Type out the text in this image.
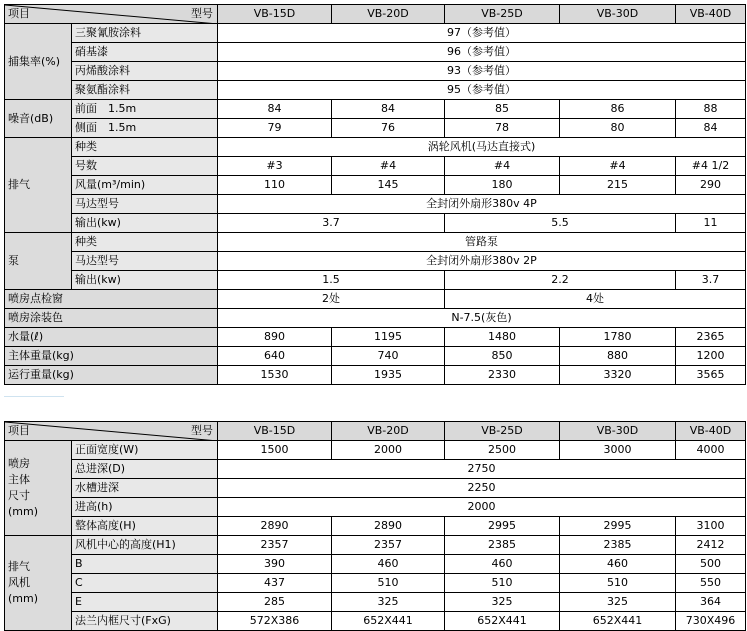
项目 型号		VB-15D	VB-20D	VB-25D	VB-30D	VB-40D
捕集率(%)	三聚氰胺涂料	97（参考值）				
	硝基漆	96（参考值）				
	丙烯酸涂料	93（参考值）				
	聚氨酯涂料	95（参考值）				
噪音(dB)	前面　1.5m	84	84	85	86	88
	侧面　1.5m	79	76	78	80	84
排气	种类	涡轮风机(马达直接式)				
	号数	#3	#4	#4	#4	#4 1/2
	风量(m³/min)	110	145	180	215	290
	马达型号	全封闭外扇形380v 4P				
	输出(kw)	3.7		5.5		11
泵	种类	管路泵				
	马达型号	全封闭外扇形380v 2P				
	输出(kw)	1.5		2.2		3.7
喷房点检窗		2处		4处		
喷房涂装色		N-7.5(灰色)				
水量(ℓ)		890	1195	1480	1780	2365
主体重量(kg)		640	740	850	880	1200
运行重量(kg)		1530	1935	2330	3320	3565
项目 型号		VB-15D	VB-20D	VB-25D	VB-30D	VB-40D
喷房
主体
尺寸
(mm)	正面宽度(W)	1500	2000	2500	3000	4000
	总进深(D)	2750				
	水槽进深	2250				
	进高(h)	2000				
	整体高度(H)	2890	2890	2995	2995	3100
排气
风机
(mm)	风机中心的高度(H1)	2357	2357	2385	2385	2412
	B	390	460	460	460	500
	C	437	510	510	510	550
	E	285	325	325	325	364
	法兰内框尺寸(FxG)	572X386	652X441	652X441	652X441	730X496
